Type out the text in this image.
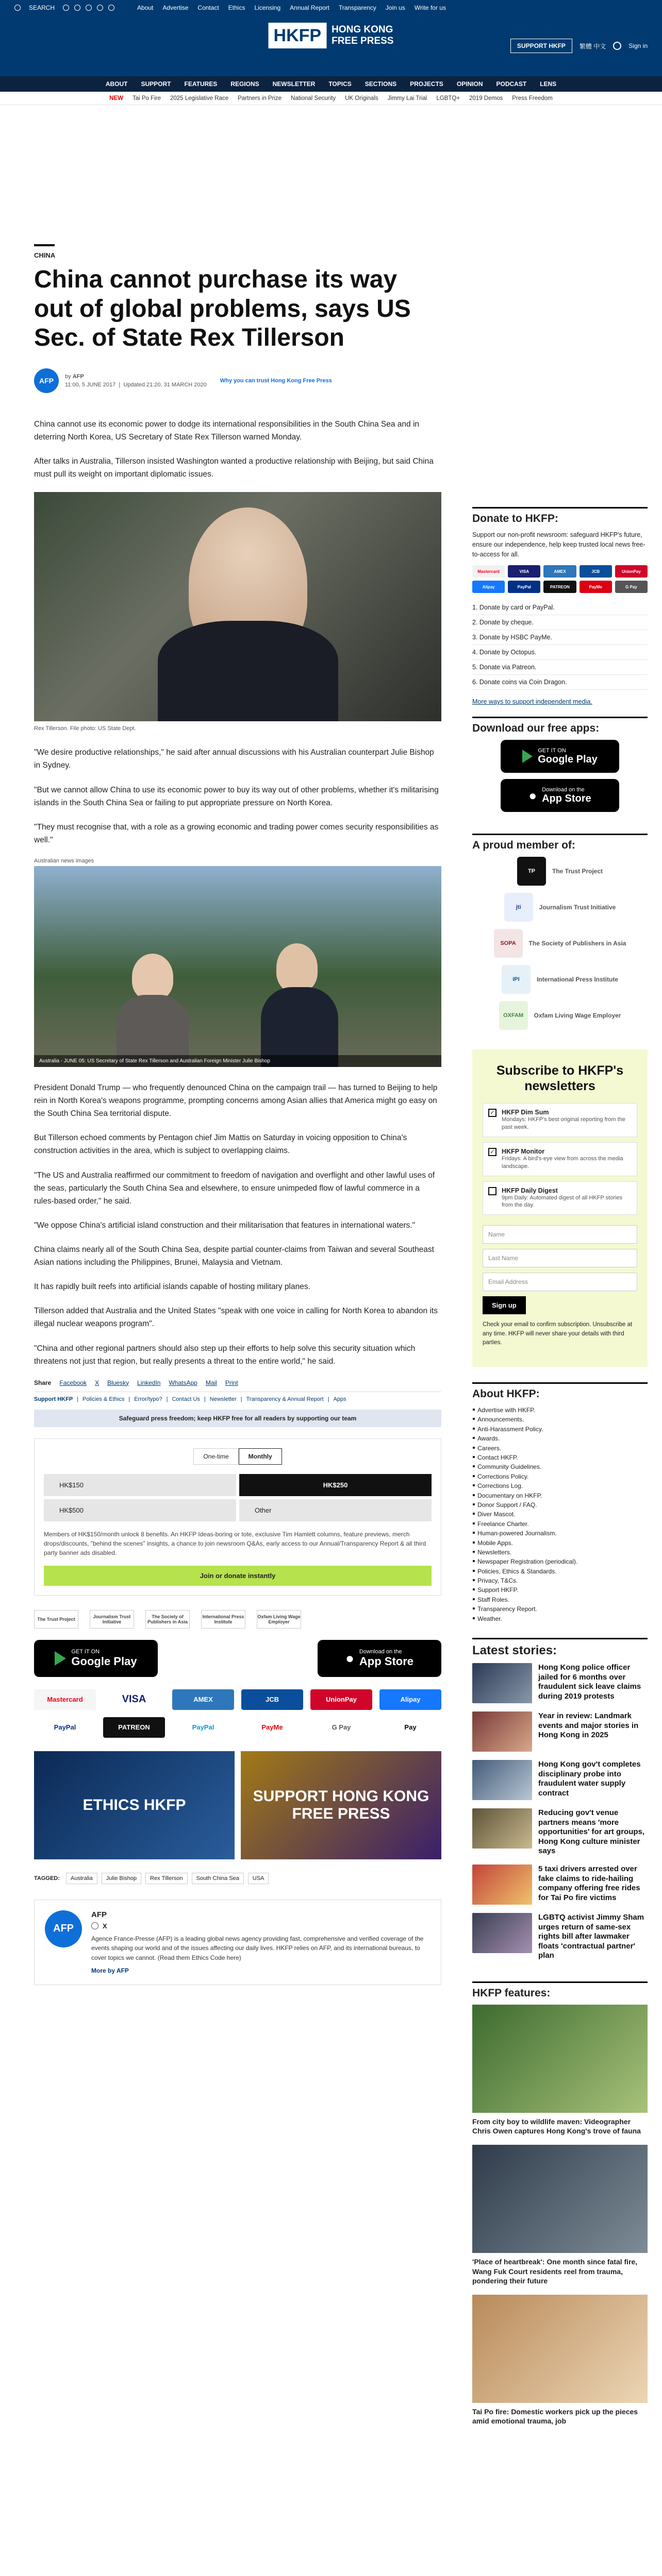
SEARCH	About Advertise Contact Ethics Licensing Annual Report Transparency Join us Write for us
HKFP	HONG KONG
FREE PRESS	SUPPORT HKFP	繁體 中文	Sign in
ABOUT SUPPORT FEATURES REGIONS NEWSLETTER TOPICS SECTIONS PROJECTS OPINION PODCAST LENS
NEW Tai Po Fire 2025 Legislative Race Partners in Prize National Security UK Originals Jimmy Lai Trial LGBTQ+ 2019 Demos Press Freedom
CHINA
China cannot purchase its way out of global problems, says US Sec. of State Rex Tillerson
AFP	by AFP
11:00, 5 JUNE 2017  |  Updated 21:20, 31 MARCH 2020
Why you can trust Hong Kong Free Press

China cannot use its economic power to dodge its international responsibilities in the South China Sea and in deterring North Korea, US Secretary of State Rex Tillerson warned Monday.

After talks in Australia, Tillerson insisted Washington wanted a productive relationship with Beijing, but said China must pull its weight on important diplomatic issues.

Rex Tillerson. File photo: US State Dept.

"We desire productive relationships," he said after annual discussions with his Australian counterpart Julie Bishop in Sydney.

"But we cannot allow China to use its economic power to buy its way out of other problems, whether it's militarising islands in the South China Sea or failing to put appropriate pressure on North Korea.

"They must recognise that, with a role as a growing economic and trading power comes security responsibilities as well."

Australian news images
Australia - JUNE 05: US Secretary of State Rex Tillerson and Australian Foreign Minister Julie Bishop

President Donald Trump — who frequently denounced China on the campaign trail — has turned to Beijing to help rein in North Korea's weapons programme, prompting concerns among Asian allies that America might go easy on the South China Sea territorial dispute.

But Tillerson echoed comments by Pentagon chief Jim Mattis on Saturday in voicing opposition to China's construction activities in the area, which is subject to overlapping claims.

"The US and Australia reaffirmed our commitment to freedom of navigation and overflight and other lawful uses of the seas, particularly the South China Sea and elsewhere, to ensure unimpeded flow of lawful commerce in a rules-based order," he said.

"We oppose China's artificial island construction and their militarisation that features in international waters."

China claims nearly all of the South China Sea, despite partial counter-claims from Taiwan and several Southeast Asian nations including the Philippines, Brunei, Malaysia and Vietnam.

It has rapidly built reefs into artificial islands capable of hosting military planes.

Tillerson added that Australia and the United States "speak with one voice in calling for North Korea to abandon its illegal nuclear weapons program".

"China and other regional partners should also step up their efforts to help solve this security situation which threatens not just that region, but really presents a threat to the entire world," he said.

Share Facebook X Bluesky LinkedIn WhatsApp Mail Print
Support HKFP | Policies & Ethics | Error/typo? | Contact Us | Newsletter | Transparency & Annual Report | Apps
Safeguard press freedom; keep HKFP free for all readers by supporting our team
One-time	Monthly
HK$150	HK$250
HK$500	Other
Members of HK$150/month unlock 8 benefits. An HKFP Ideas-boring or tote, exclusive Tim Hamlett columns, feature previews, merch drops/discounts, "behind the scenes" insights, a chance to join newsroom Q&As, early access to our Annual/Transparency Report & all third party banner ads disabled.
Join or donate instantly
The Trust Project	Journalism Trust Initiative
The Society of Publishers in Asia
International Press Institute
Oxfam Living Wage Employer
GET IT ON
Google Play	● Download on the
App Store
Mastercard	VISA	AMEX	JCB	UnionPay	Alipay
PayPal	PATREON	PayPal	PayMe	G Pay	Pay
ETHICS HKFP
SUPPORT HONG KONG FREE PRESS
TAGGED:	Australia	Julie Bishop	Rex Tillerson	South China Sea	USA
AFP
AFP
X
Agence France-Presse (AFP) is a leading global news agency providing fast, comprehensive and verified coverage of the events shaping our world and of the issues affecting our daily lives. HKFP relies on AFP, and its international bureaus, to cover topics we cannot. (Read them Ethics Code here)
More by AFP
Donate to HKFP:

Support our non-profit newsroom: safeguard HKFP's future, ensure our independence, help keep trusted local news free-to-access for all.

Mastercard	VISA	AMEX	JCB	UnionPay
Alipay	PayPal	PATREON	PayMe	G Pay
1. Donate by card or PayPal.
2. Donate by cheque.
3. Donate by HSBC PayMe.
4. Donate by Octopus.
5. Donate via Patreon.
6. Donate coins via Coin Dragon.
More ways to support independent media.
Download our free apps:
GET IT ON
Google Play
● Download on the
App Store
A proud member of:
TP	The Trust Project
jti	Journalism Trust Initiative
SOPA	The Society of Publishers in Asia
IPI	International Press Institute
OXFAM	Oxfam Living Wage Employer
Subscribe to HKFP's newsletters
✓ HKFP Dim Sum
Mondays: HKFP's best original reporting from the past week.
✓ HKFP Monitor
Fridays: A bird's-eye view from across the media landscape.
HKFP Daily Digest
9pm Daily: Automated digest of all HKFP stories from the day.
Name
Last Name
Email Address
Sign up

Check your email to confirm subscription. Unsubscribe at any time. HKFP will never share your details with third parties.

About HKFP:
▪ Advertise with HKFP.
▪ Announcements.
▪ Anti-Harassment Policy.
▪ Awards.
▪ Careers.
▪ Contact HKFP.
▪ Community Guidelines.
▪ Corrections Policy.
▪ Corrections Log.
▪ Documentary on HKFP.
▪ Donor Support / FAQ.
▪ Diver Mascot.
▪ Freelance Charter.
▪ Human-powered Journalism.
▪ Mobile Apps.
▪ Newsletters.
▪ Newspaper Registration (periodical).
▪ Policies, Ethics & Standards.
▪ Privacy, T&Cs.
▪ Support HKFP.
▪ Staff Roles.
▪ Transparency Report.
▪ Weather.

Latest stories:
Hong Kong police officer jailed for 6 months over fraudulent sick leave claims during 2019 protests
Year in review: Landmark events and major stories in Hong Kong in 2025
Hong Kong gov't completes disciplinary probe into fraudulent water supply contract
Reducing gov't venue partners means 'more opportunities' for art groups, Hong Kong culture minister says
5 taxi drivers arrested over fake claims to ride-hailing company offering free rides for Tai Po fire victims
LGBTQ activist Jimmy Sham urges return of same-sex rights bill after lawmaker floats 'contractual partner' plan
HKFP features:
From city boy to wildlife maven: Videographer Chris Owen captures Hong Kong's trove of fauna
'Place of heartbreak': One month since fatal fire, Wang Fuk Court residents reel from trauma, pondering their future
Tai Po fire: Domestic workers pick up the pieces amid emotional trauma, job
